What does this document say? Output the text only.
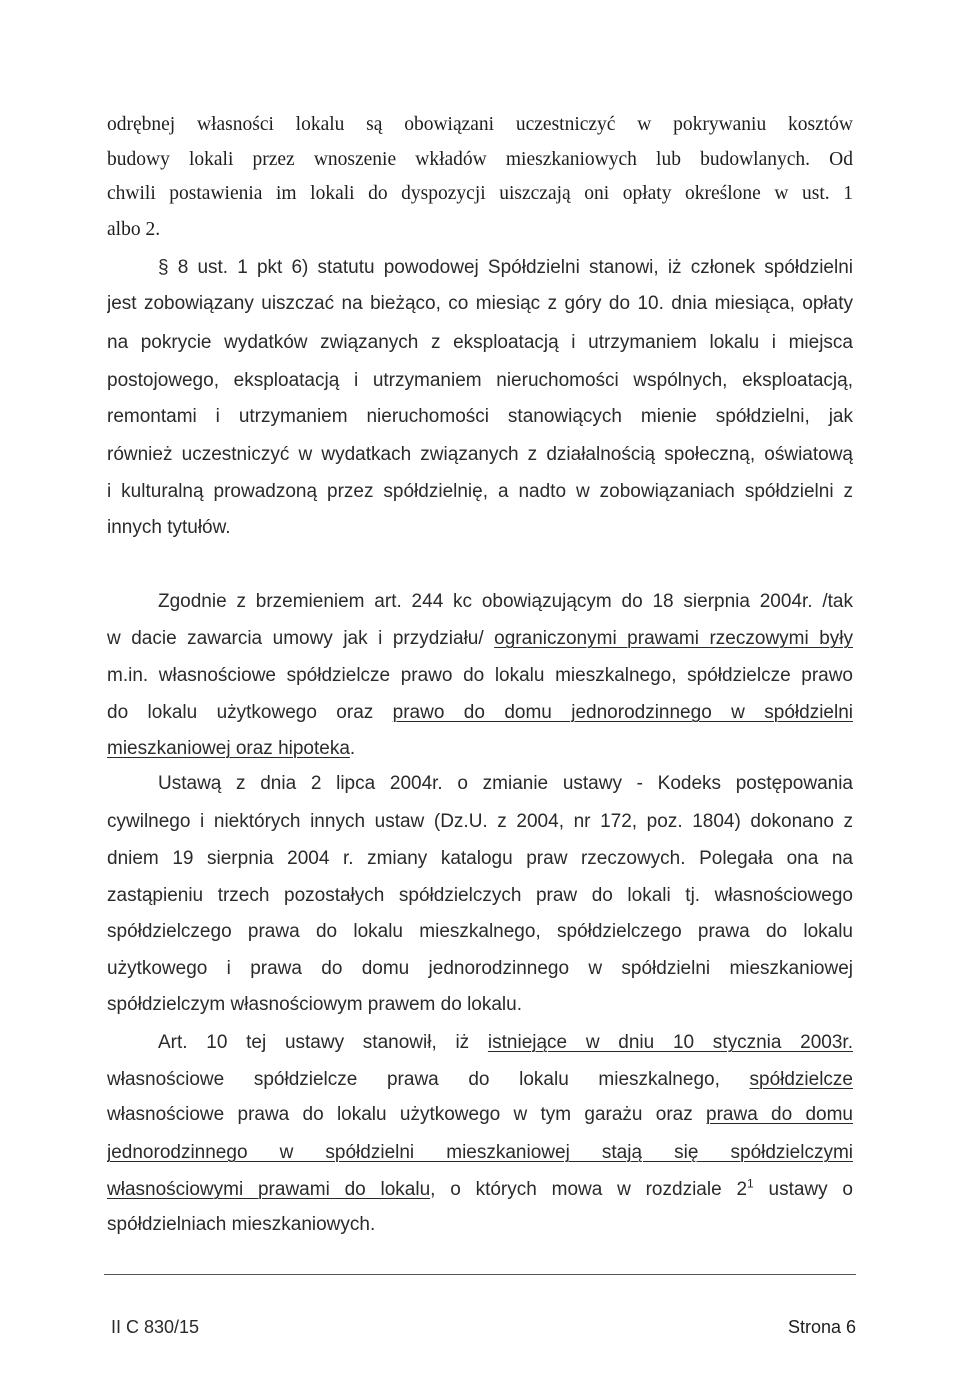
odrębnej własności lokalu są obowiązani uczestniczyć w pokrywaniu kosztów
budowy lokali przez wnoszenie wkładów mieszkaniowych lub budowlanych. Od
chwili postawienia im lokali do dyspozycji uiszczają oni opłaty określone w ust. 1
albo 2.
§ 8 ust. 1 pkt 6) statutu powodowej Spółdzielni stanowi, iż członek spółdzielni
jest zobowiązany uiszczać na bieżąco, co miesiąc z góry do 10. dnia miesiąca, opłaty
na pokrycie wydatków związanych z eksploatacją i utrzymaniem lokalu i miejsca
postojowego, eksploatacją i utrzymaniem nieruchomości wspólnych, eksploatacją,
remontami i utrzymaniem nieruchomości stanowiących mienie spółdzielni, jak
również uczestniczyć w wydatkach związanych z działalnością społeczną, oświatową
i kulturalną prowadzoną przez spółdzielnię, a nadto w zobowiązaniach spółdzielni z
innych tytułów.
Zgodnie z brzemieniem art. 244 kc obowiązującym do 18 sierpnia 2004r. /tak
w dacie zawarcia umowy jak i przydziału/ ograniczonymi prawami rzeczowymi były
m.in. własnościowe spółdzielcze prawo do lokalu mieszkalnego, spółdzielcze prawo
do lokalu użytkowego oraz prawo do domu jednorodzinnego w spółdzielni
mieszkaniowej oraz hipoteka.
Ustawą z dnia 2 lipca 2004r. o zmianie ustawy - Kodeks postępowania
cywilnego i niektórych innych ustaw (Dz.U. z 2004, nr 172, poz. 1804) dokonano z
dniem 19 sierpnia 2004 r. zmiany katalogu praw rzeczowych. Polegała ona na
zastąpieniu trzech pozostałych spółdzielczych praw do lokali tj. własnościowego
spółdzielczego prawa do lokalu mieszkalnego, spółdzielczego prawa do lokalu
użytkowego i prawa do domu jednorodzinnego w spółdzielni mieszkaniowej
spółdzielczym własnościowym prawem do lokalu.
Art. 10 tej ustawy stanowił, iż istniejące w dniu 10 stycznia 2003r.
własnościowe spółdzielcze prawa do lokalu mieszkalnego, spółdzielcze
własnościowe prawa do lokalu użytkowego w tym garażu oraz prawa do domu
jednorodzinnego w spółdzielni mieszkaniowej stają się spółdzielczymi
własnościowymi prawami do lokalu, o których mowa w rozdziale $2^1$ ustawy o
spółdzielniach mieszkaniowych.
II C 830/15	Strona 6
